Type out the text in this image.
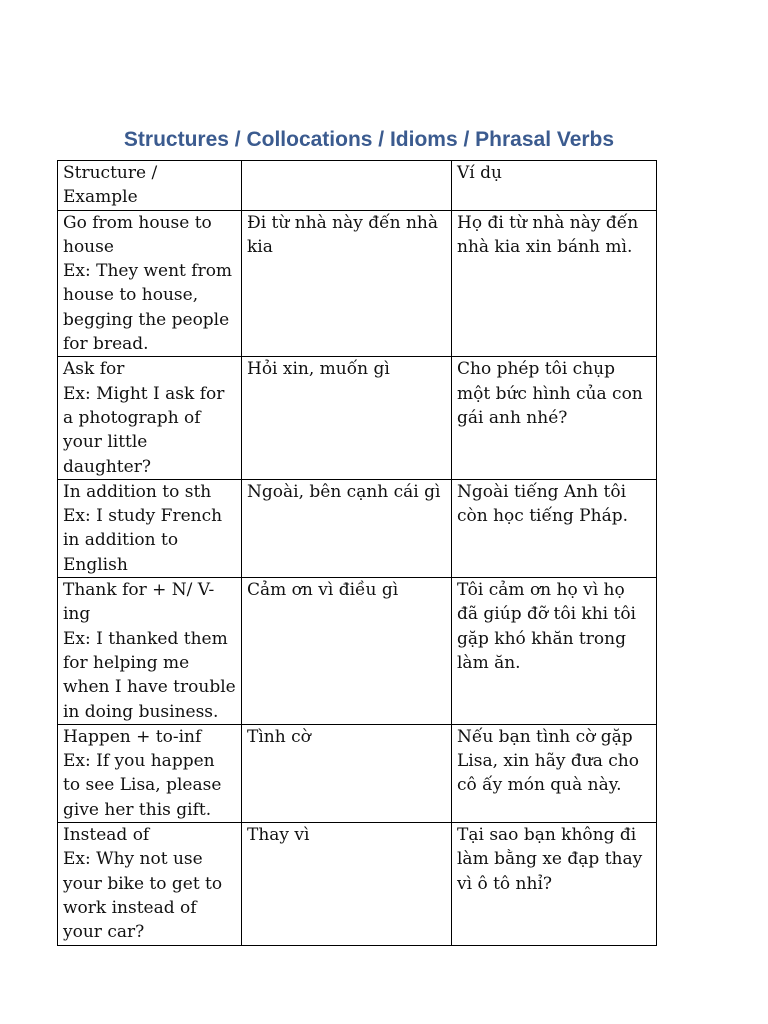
Structures / Collocations / Idioms / Phrasal Verbs
Structure / Example		Ví dụ

Go from house to house
Ex: They went from house to house, begging the people for bread.	Đi từ nhà này đến nhà kia	Họ đi từ nhà này đến nhà kia xin bánh mì.

Ask for
Ex: Might I ask for a photograph of your little daughter?	Hỏi xin, muốn gì	Cho phép tôi chụp một bức hình của con gái anh nhé?

In addition to sth
Ex: I study French in addition to English	Ngoài, bên cạnh cái gì	Ngoài tiếng Anh tôi còn học tiếng Pháp.

Thank for + N/ V-ing
Ex: I thanked them for helping me when I have trouble in doing business.	Cảm ơn vì điều gì	Tôi cảm ơn họ vì họ đã giúp đỡ tôi khi tôi gặp khó khăn trong làm ăn.

Happen + to-inf
Ex: If you happen to see Lisa, please give her this gift.	Tình cờ	Nếu bạn tình cờ gặp Lisa, xin hãy đưa cho cô ấy món quà này.

Instead of
Ex: Why not use your bike to get to work instead of your car?	Thay vì	Tại sao bạn không đi làm bằng xe đạp thay vì ô tô nhỉ?
